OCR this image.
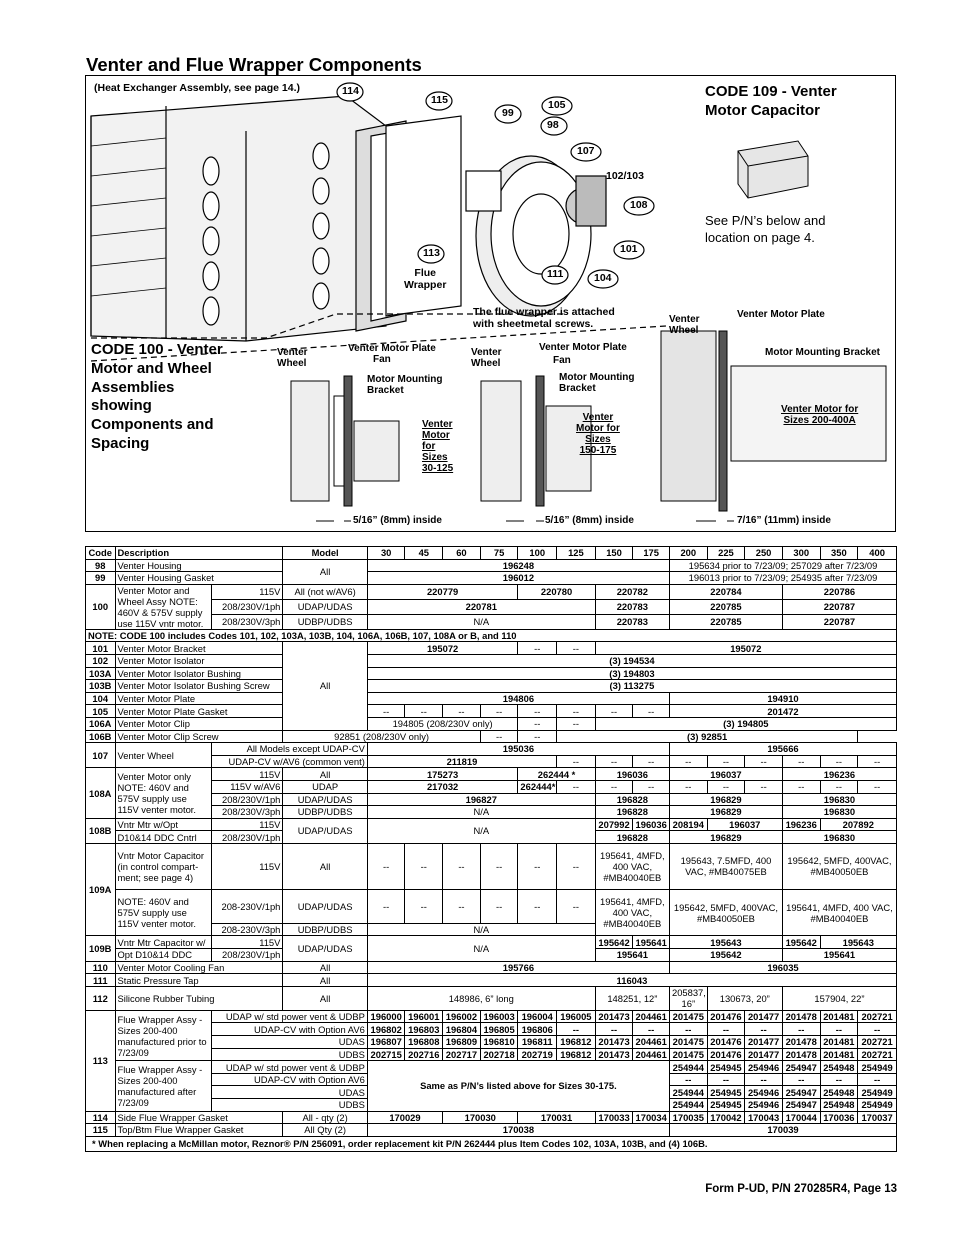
Venter and Flue Wrapper Components
(Heat Exchanger Assembly, see page 14.)	114
115
99
105
98
107
102/103
108
113	101
111	104
Flue
Wrapper
The flue wrapper is attached
with sheetmetal screws.
CODE 109 - Venter
Motor Capacitor
See P/N’s below and
location on page 4.
CODE 100 - Venter
Motor and Wheel
Assemblies
showing
Components and
Spacing
Venter
Wheel
Venter Motor Plate
Fan
Motor Mounting
Bracket
Venter
Motor
for
Sizes
30-125
5/16” (8mm) inside
Venter
Wheel
Venter Motor Plate
Fan
Motor Mounting
Bracket
Venter
Motor for
Sizes
150-175
5/16” (8mm) inside
Venter
Wheel
Venter Motor Plate
Motor Mounting Bracket
Venter Motor for
Sizes 200-400A
7/16” (11mm) inside
Code	Description		Model	30	45	60	75	100	125	150	175	200	225	250	300	350	400
98	Venter Housing		All	196248								195634 prior to 7/23/09; 257029 after 7/23/09					
99	Venter Housing Gasket			196012								196013 prior to 7/23/09; 254935 after 7/23/09					
100	Venter Motor and Wheel Assy NOTE: 460V & 575V supply use 115V vntr motor.	115V	All (not w/AV6)	220779				220780		220782		220784			220786		
		208/230V/1ph	UDAP/UDAS	220781						220783		220785			220787		
		208/230V/3ph	UDBP/UDBS	N/A						220783		220785			220787		
NOTE: CODE 100 includes Codes 101, 102, 103A, 103B, 104, 106A, 106B, 107, 108A or B, and 110																	
101	Venter Motor Bracket		All	195072				--	--	195072							
102	Venter Motor Isolator			(3) 194534													
103A	Venter Motor Isolator Bushing			(3) 194803													
103B	Venter Motor Isolator Bushing Screw			(3) 113275													
104	Venter Motor Plate			194806								194910					
105	Venter Motor Plate Gasket			--	--	--	--	--	--	--	--	201472					
106A	Venter Motor Clip			194805 (208/230V only)				--	--	(3) 194805							
106B	Venter Motor Clip Screw		92851 (208/230V only)				--	--	(3) 92851								
107	Venter Wheel	All Models except UDAP-CV		195036								195666					
		UDAP-CV w/AV6 (common vent)		211819					--	--	--	--	--	--	--	--	--
108A	Venter Motor only NOTE: 460V and 575V supply use 115V venter motor.	115V	All	175273				262444 *		196036		196037			196236		
		115V w/AV6	UDAP	217032				262444*	--	--	--	--	--	--	--	--	--
		208/230V/1ph	UDAP/UDAS	196827						196828		196829			196830		
		208/230V/3ph	UDBP/UDBS	N/A						196828		196829			196830		
108B	Vntr Mtr w/Opt	115V	UDAP/UDAS	N/A						207992	196036	208194	196037		196236	207892	
	D10&14 DDC Cntrl	208/230V/1ph								196828		196829			196830		
109A	Vntr Motor Capacitor (in control compart- ment; see page 4)	115V	All	--	--	--	--	--	--	195641, 4MFD, 400 VAC, #MB40040EB		195643, 7.5MFD, 400 VAC, #MB40075EB			195642, 5MFD, 400VAC, #MB40050EB		
	NOTE: 460V and 575V supply use 115V venter motor.	208-230V/1ph	UDAP/UDAS	--	--	--	--	--	--	195641, 4MFD, 400 VAC, #MB40040EB		195642, 5MFD, 400VAC, #MB40050EB			195641, 4MFD, 400 VAC, #MB40040EB		
		208-230V/3ph	UDBP/UDBS	N/A													
109B	Vntr Mtr Capacitor w/	115V	UDAP/UDAS	N/A						195642	195641	195643			195642	195643	
	Opt D10&14 DDC	208/230V/1ph								195641		195642			195641		
110	Venter Motor Cooling Fan		All	195766								196035					
111	Static Pressure Tap		All	116043													
112	Silicone Rubber Tubing		All	148986, 6” long						148251, 12”		205837, 16”	130673, 20”		157904, 22”		
113	Flue Wrapper Assy - Sizes 200-400 manufactured prior to 7/23/09	UDAP w/ std power vent & UDBP		196000	196001	196002	196003	196004	196005	201473	204461	201475	201476	201477	201478	201481	202721
		UDAP-CV with Option AV6		196802	196803	196804	196805	196806	--	--	--	--	--	--	--	--	--
		UDAS		196807	196808	196809	196810	196811	196812	201473	204461	201475	201476	201477	201478	201481	202721
		UDBS		202715	202716	202717	202718	202719	196812	201473	204461	201475	201476	201477	201478	201481	202721
	Flue Wrapper Assy - Sizes 200-400 manufactured after 7/23/09	UDAP w/ std power vent & UDBP		Same as P/N’s listed above for Sizes 30-175.								254944	254945	254946	254947	254948	254949
		UDAP-CV with Option AV6										--	--	--	--	--	--
		UDAS										254944	254945	254946	254947	254948	254949
		UDBS										254944	254945	254946	254947	254948	254949
114	Side Flue Wrapper Gasket		All - qty (2)	170029		170030		170031		170033	170034	170035	170042	170043	170044	170036	170037
115	Top/Btm Flue Wrapper Gasket		All Qty (2)	170038								170039					
* When replacing a McMillan motor, Reznor® P/N 256091, order replacement kit P/N 262444 plus Item Codes 102, 103A, 103B, and (4) 106B.																	
Form P-UD, P/N 270285R4, Page 13
